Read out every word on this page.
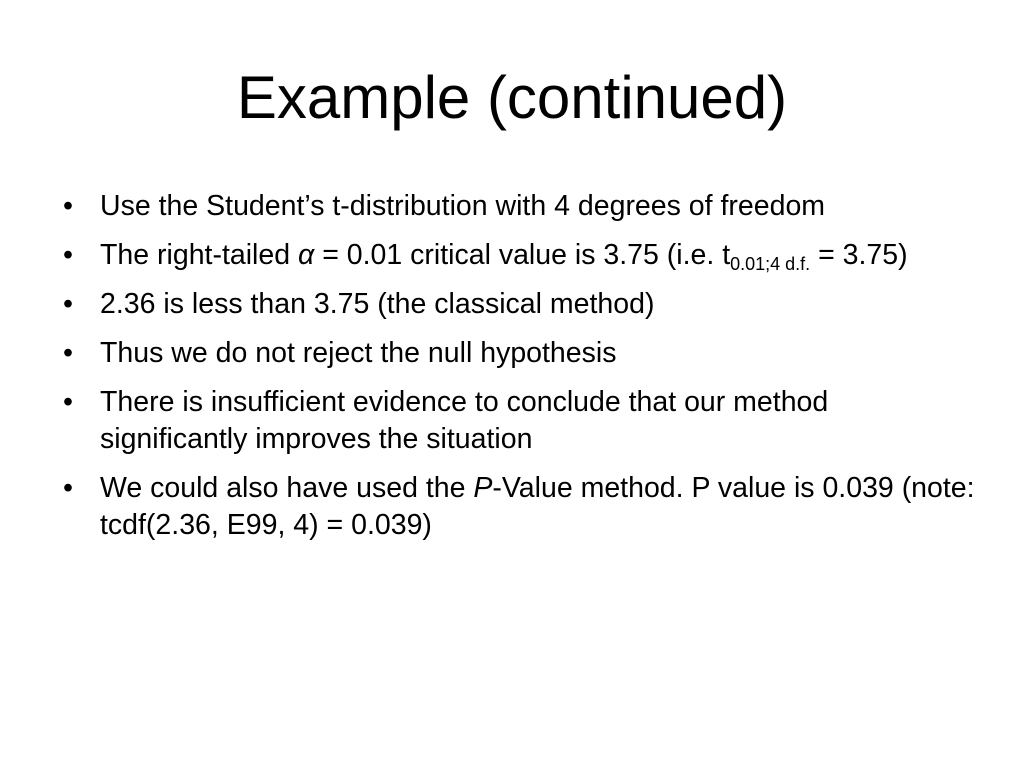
Example (continued)
• Use the Student’s t-distribution with 4 degrees of freedom
• The right-tailed α = 0.01 critical value is 3.75 (i.e. $t_{0.01;4 d.f.} = 3.75$)
• 2.36 is less than 3.75 (the classical method)
• Thus we do not reject the null hypothesis
• There is insufficient evidence to conclude that our method significantly improves the situation
• We could also have used the P-Value method. P value is 0.039 (note: tcdf(2.36, E99, 4) = 0.039)
